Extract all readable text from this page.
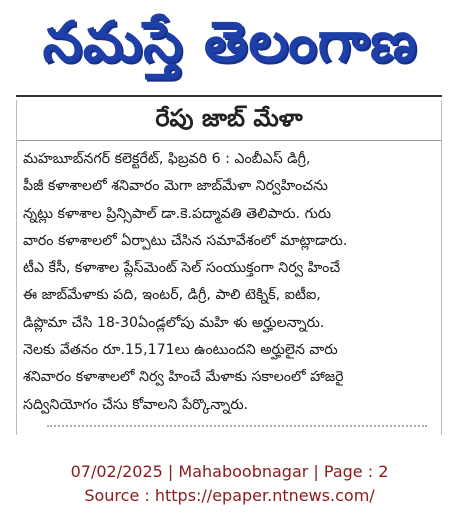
నమస్తే తెలంగాణ
రేపు జాబ్‌ మేళా
మహబూబ్‌నగర్‌ కలెక్టరేట్‌, ఫిబ్రవరి 6 : ఎంబీఎస్‌ డిగ్రీ,
పీజీ కళాశాలలో శనివారం మెగా జాబ్‌మేళా నిర్వహించను
న్నట్లు కళాశాల ప్రిన్సిపాల్‌ డా.కె.పద్మావతి తెలిపారు. గురు
వారం కళాశాలలో ఏర్పాటు చేసిన సమావేశంలో మాట్లాడారు.
టీఎ కేసీ, కళాశాల ప్లేస్‌మెంట్‌ సెల్‌ సంయుక్తంగా నిర్వ హించే
ఈ జాబ్‌మేళాకు పది, ఇంటర్‌, డిగ్రీ, పాలి టెక్నిక్‌, ఐటీఐ,
డిప్లొమా చేసి 18-30ఏండ్లలోపు మహి ళు అర్హులన్నారు.
నెలకు వేతనం రూ.15,171లు ఉంటుందని అర్హులైన వారు
శనివారం కళాశాలలో నిర్వ హించే మేళాకు సకాలంలో హాజరై
సద్వినియోగం చేసు కోవాలని పేర్కొన్నారు.
07/02/2025 | Mahaboobnagar | Page : 2
Source : https://epaper.ntnews.com/
